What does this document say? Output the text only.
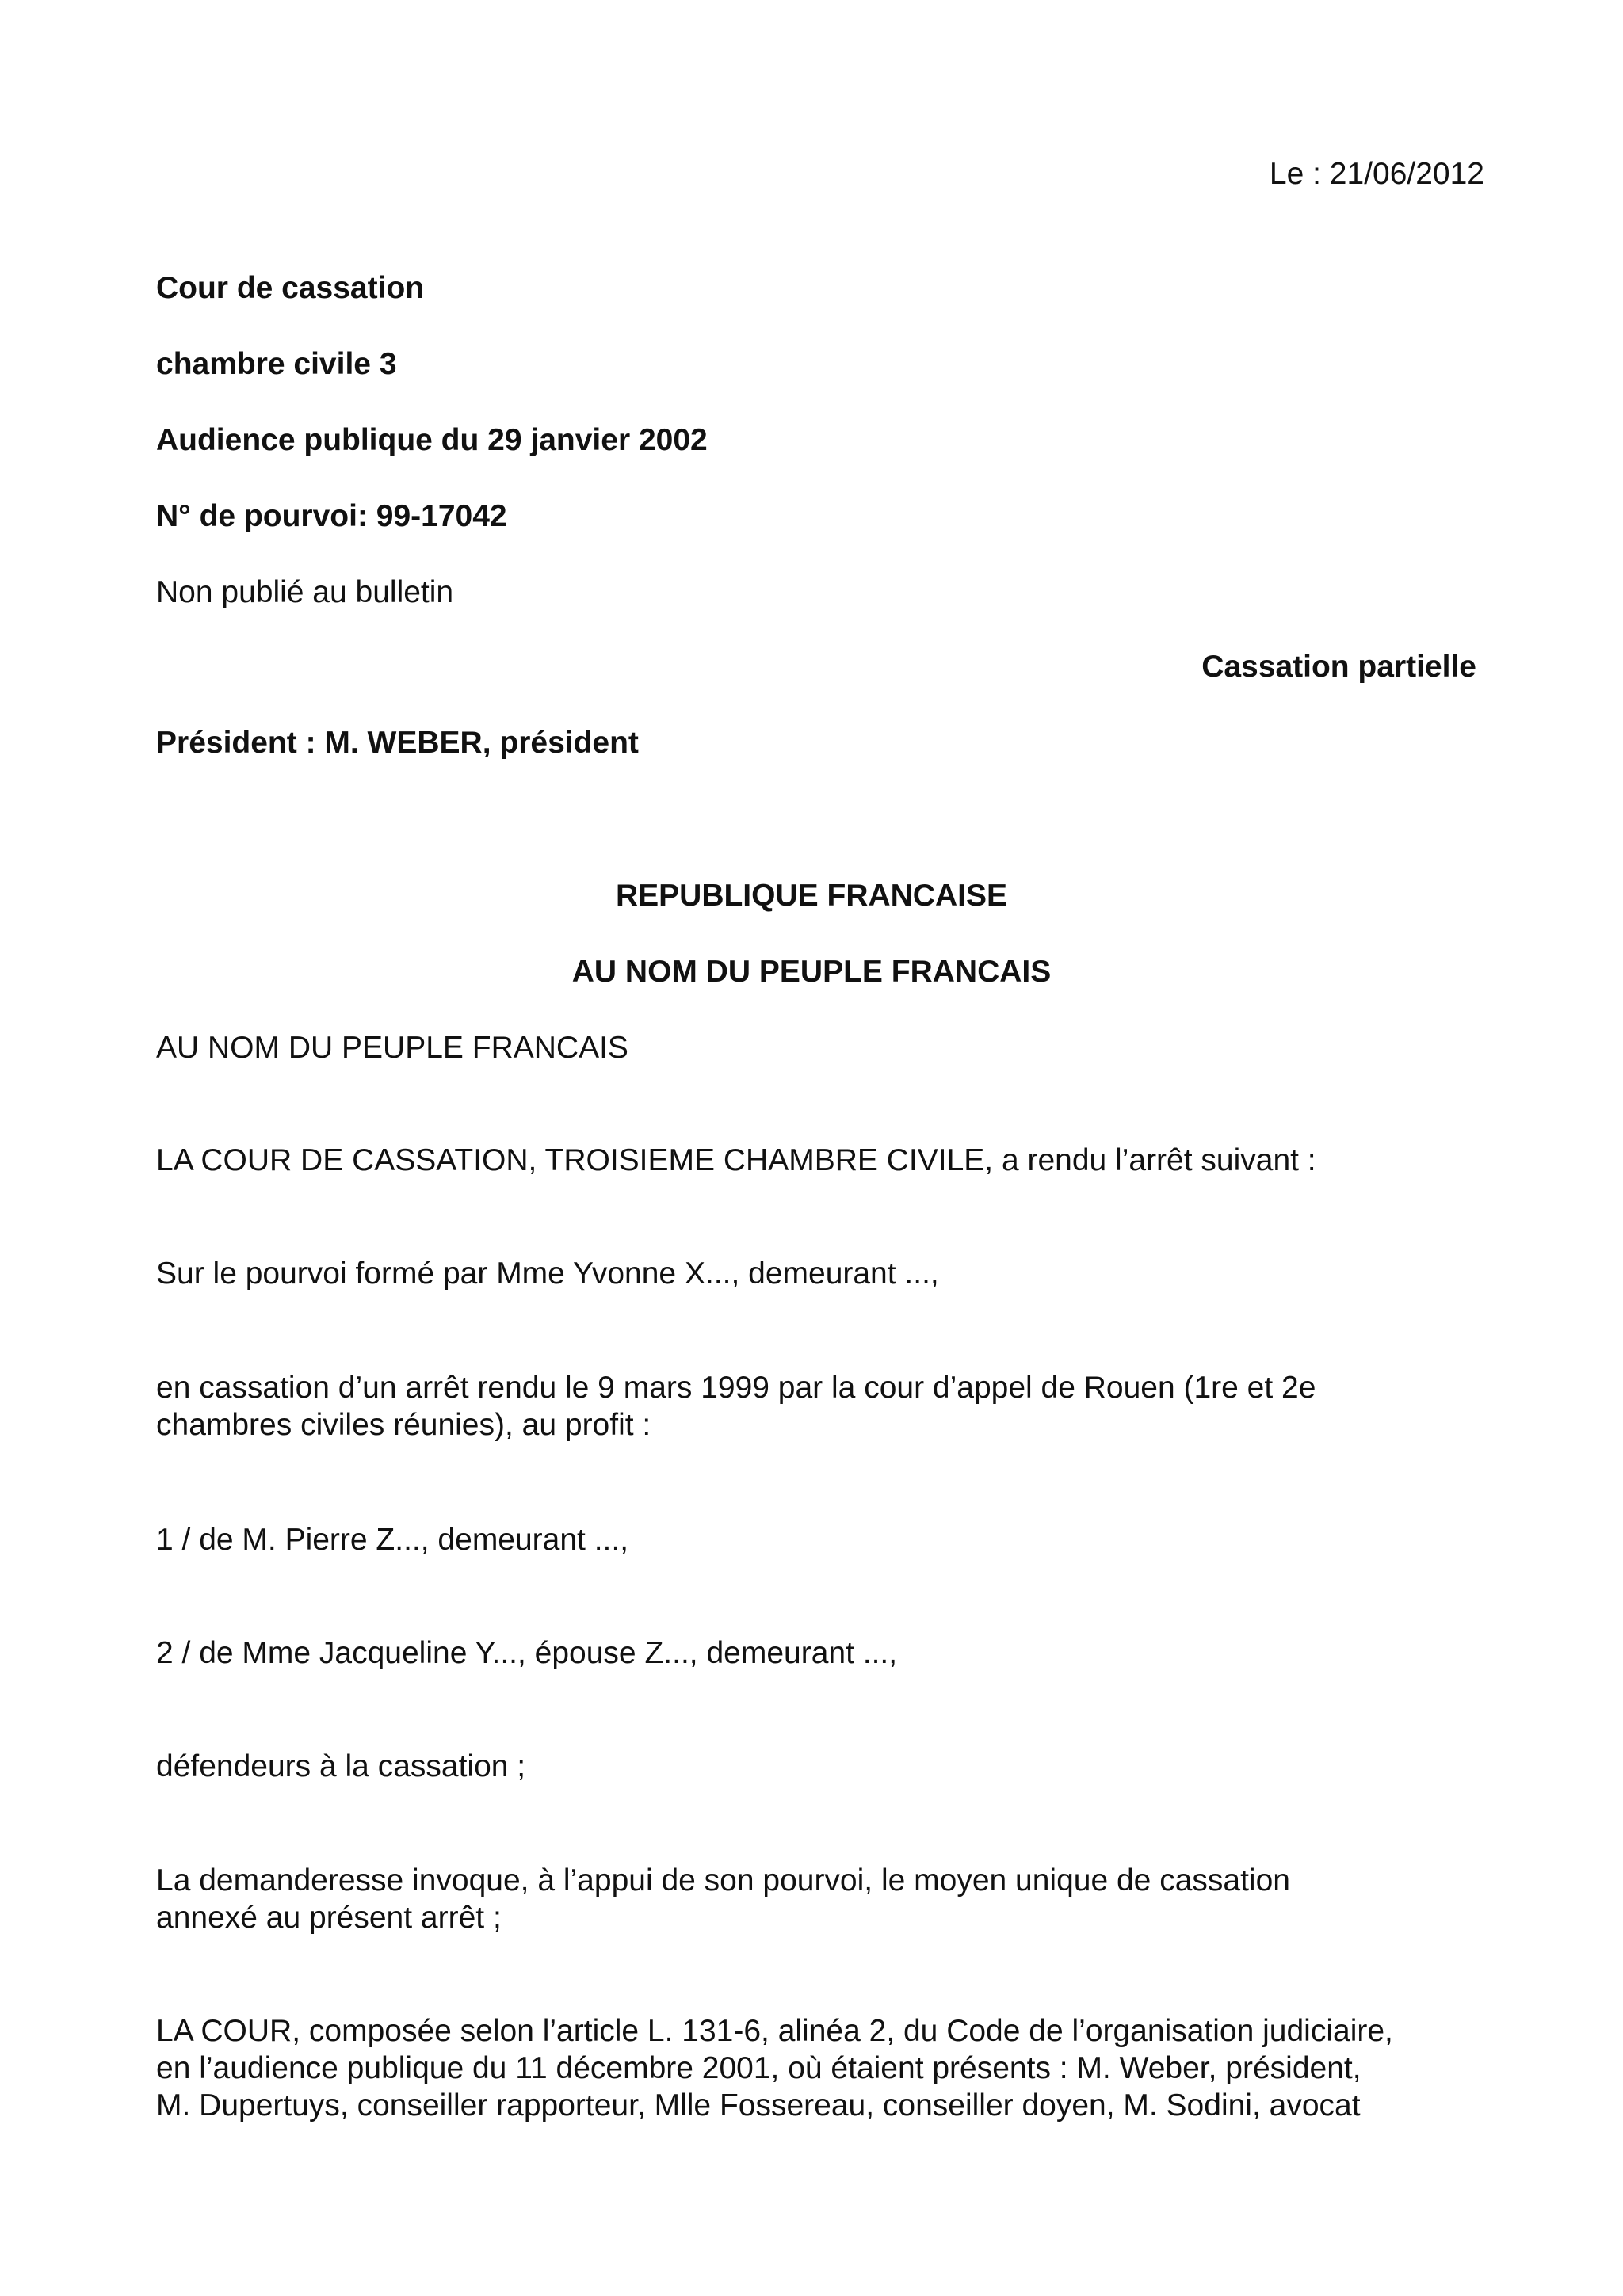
Le : 21/06/2012

Cour de cassation

chambre civile 3

Audience publique du 29 janvier 2002

N° de pourvoi: 99-17042

Non publié au bulletin

Cassation partielle

Président : M. WEBER, président

REPUBLIQUE FRANCAISE

AU NOM DU PEUPLE FRANCAIS

AU NOM DU PEUPLE FRANCAIS

LA COUR DE CASSATION, TROISIEME CHAMBRE CIVILE, a rendu l’arrêt suivant :

Sur le pourvoi formé par Mme Yvonne X..., demeurant ...,

en cassation d’un arrêt rendu le 9 mars 1999 par la cour d’appel de Rouen (1re et 2e

chambres civiles réunies), au profit :

1 / de M. Pierre Z..., demeurant ...,

2 / de Mme Jacqueline Y..., épouse Z..., demeurant ...,

défendeurs à la cassation ;

La demanderesse invoque, à l’appui de son pourvoi, le moyen unique de cassation

annexé au présent arrêt ;

LA COUR, composée selon l’article L. 131-6, alinéa 2, du Code de l’organisation judiciaire,

en l’audience publique du 11 décembre 2001, où étaient présents : M. Weber, président,

M. Dupertuys, conseiller rapporteur, Mlle Fossereau, conseiller doyen, M. Sodini, avocat
